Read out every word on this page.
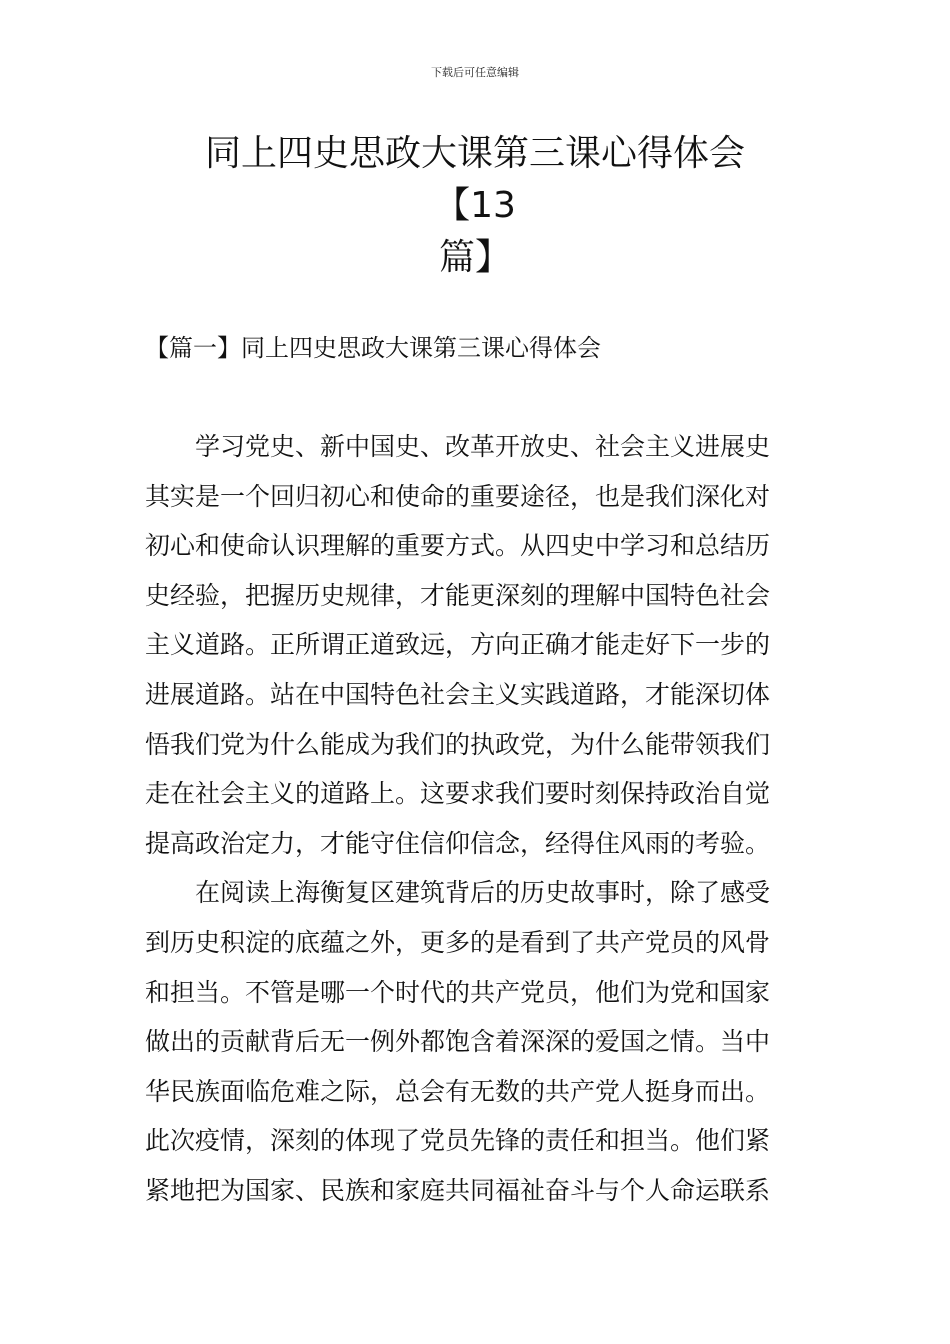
下载后可任意编辑
同上四史思政大课第三课心得体会【13
篇】
【篇一】同上四史思政大课第三课心得体会
　　学习党史、新中国史、改革开放史、社会主义进展史
其实是一个回归初心和使命的重要途径，也是我们深化对
初心和使命认识理解的重要方式。从四史中学习和总结历
史经验，把握历史规律，才能更深刻的理解中国特色社会
主义道路。正所谓正道致远，方向正确才能走好下一步的
进展道路。站在中国特色社会主义实践道路，才能深切体
悟我们党为什么能成为我们的执政党，为什么能带领我们
走在社会主义的道路上。这要求我们要时刻保持政治自觉
提高政治定力，才能守住信仰信念，经得住风雨的考验。
　　在阅读上海衡复区建筑背后的历史故事时，除了感受
到历史积淀的底蕴之外，更多的是看到了共产党员的风骨
和担当。不管是哪一个时代的共产党员，他们为党和国家
做出的贡献背后无一例外都饱含着深深的爱国之情。当中
华民族面临危难之际，总会有无数的共产党人挺身而出。
此次疫情，深刻的体现了党员先锋的责任和担当。他们紧
紧地把为国家、民族和家庭共同福祉奋斗与个人命运联系
